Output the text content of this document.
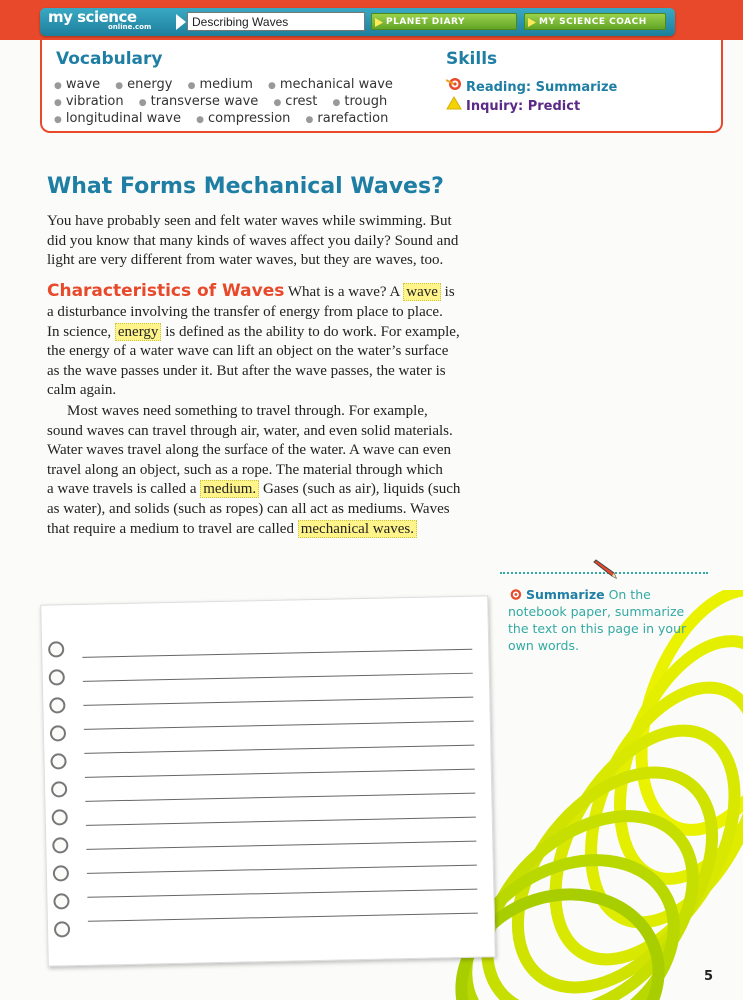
my science
online.com	Describing Waves	PLANET DIARY	MY SCIENCE COACH
Vocabulary
● wave ● energy ● medium ● mechanical wave
● vibration ● transverse wave ● crest ● trough
● longitudinal wave ● compression ● rarefaction
Skills
Reading: Summarize
Inquiry: Predict
What Forms Mechanical Waves?
You have probably seen and felt water waves while swimming. But
did you know that many kinds of waves affect you daily? Sound and
light are very different from water waves, but they are waves, too.
Characteristics of Waves What is a wave? A wave is
a disturbance involving the transfer of energy from place to place.
In science, energy is defined as the ability to do work. For example,
the energy of a water wave can lift an object on the water’s surface
as the wave passes under it. But after the wave passes, the water is
calm again.
Most waves need something to travel through. For example,
sound waves can travel through air, water, and even solid materials.
Water waves travel along the surface of the water. A wave can even
travel along an object, such as a rope. The material through which
a wave travels is called a medium. Gases (such as air), liquids (such
as water), and solids (such as ropes) can all act as mediums. Waves
that require a medium to travel are called mechanical waves.
Summarize On the notebook paper, summarize the text on this page in your own words.
5
